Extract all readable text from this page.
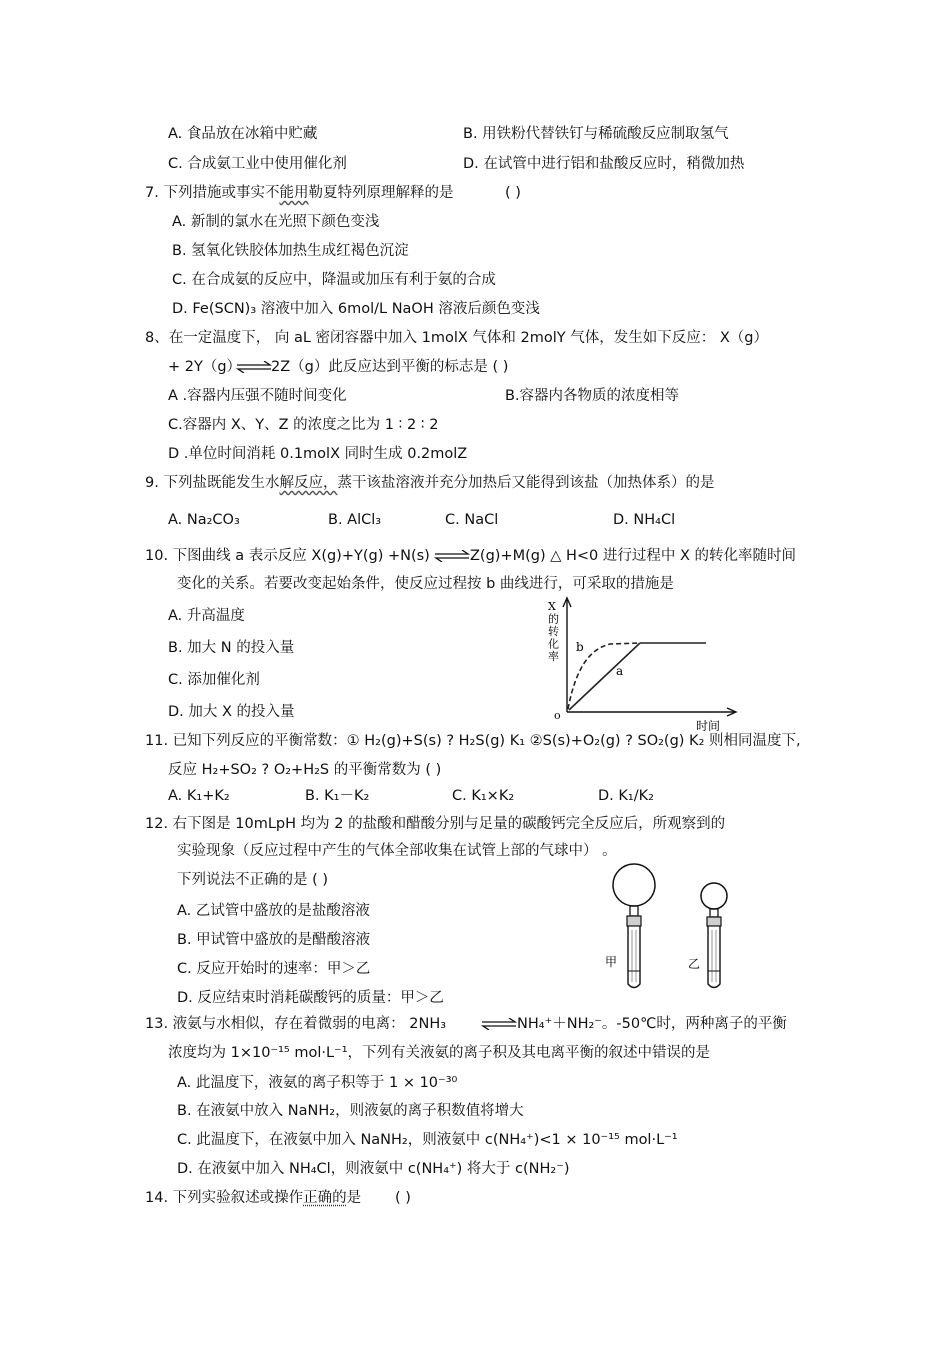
A. 食品放在冰箱中贮藏	B. 用铁粉代替铁钉与稀硫酸反应制取氢气
C. 合成氨工业中使用催化剂	D. 在试管中进行铝和盐酸反应时，稍微加热
7. 下列措施或事实不能用勒夏特列原理解释的是	( )
A. 新制的氯水在光照下颜色变浅
B. 氢氧化铁胶体加热生成红褐色沉淀
C. 在合成氨的反应中，降温或加压有利于氨的合成
D. Fe(SCN)₃ 溶液中加入 6mol/L NaOH 溶液后颜色变浅
8、在一定温度下， 向 aL 密闭容器中加入 1molX 气体和 2molY 气体，发生如下反应： X（g）
+ 2Y（g） 2Z（g）此反应达到平衡的标志是 ( )
A .容器内压强不随时间变化	B.容器内各物质的浓度相等
C.容器内 X、Y、Z 的浓度之比为 1 ∶ 2 ∶ 2
D .单位时间消耗 0.1molX 同时生成 0.2molZ
9. 下列盐既能发生水解反应，蒸干该盐溶液并充分加热后又能得到该盐（加热体系）的是
A. Na₂CO₃	B. AlCl₃	C. NaCl	D. NH₄Cl
10. 下图曲线 a 表示反应 X(g)+Y(g) +N(s)	Z(g)+M(g) △ H<0 进行过程中 X 的转化率随时间
变化的关系。若要改变起始条件，使反应过程按 b 曲线进行，可采取的措施是
A. 升高温度
B. 加大 N 的投入量
C. 添加催化剂
D. 加大 X 的投入量
X 的转化率
b
a
o
时间
11. 已知下列反应的平衡常数：① H₂(g)+S(s) ? H₂S(g) K₁ ②S(s)+O₂(g) ? SO₂(g) K₂ 则相同温度下,
反应 H₂+SO₂ ? O₂+H₂S 的平衡常数为 ( )
A. K₁+K₂	B. K₁－K₂	C. K₁×K₂	D. K₁/K₂
12. 右下图是 10mLpH 均为 2 的盐酸和醋酸分别与足量的碳酸钙完全反应后，所观察到的
实验现象（反应过程中产生的气体全部收集在试管上部的气球中） 。
下列说法不正确的是 ( )
A. 乙试管中盛放的是盐酸溶液
B. 甲试管中盛放的是醋酸溶液
C. 反应开始时的速率：甲＞乙
D. 反应结束时消耗碳酸钙的质量：甲＞乙
甲	乙
13. 液氨与水相似，存在着微弱的电离： 2NH₃	NH₄⁺＋NH₂⁻。-50℃时，两种离子的平衡
浓度均为 1×10⁻¹⁵ mol·L⁻¹，下列有关液氨的离子积及其电离平衡的叙述中错误的是
A. 此温度下，液氨的离子积等于 1 × 10⁻³⁰
B. 在液氨中放入 NaNH₂，则液氨的离子积数值将增大
C. 此温度下，在液氨中加入 NaNH₂，则液氨中 c(NH₄⁺)<1 × 10⁻¹⁵ mol·L⁻¹
D. 在液氨中加入 NH₄Cl，则液氨中 c(NH₄⁺) 将大于 c(NH₂⁻)
14. 下列实验叙述或操作正确的是 ( )
